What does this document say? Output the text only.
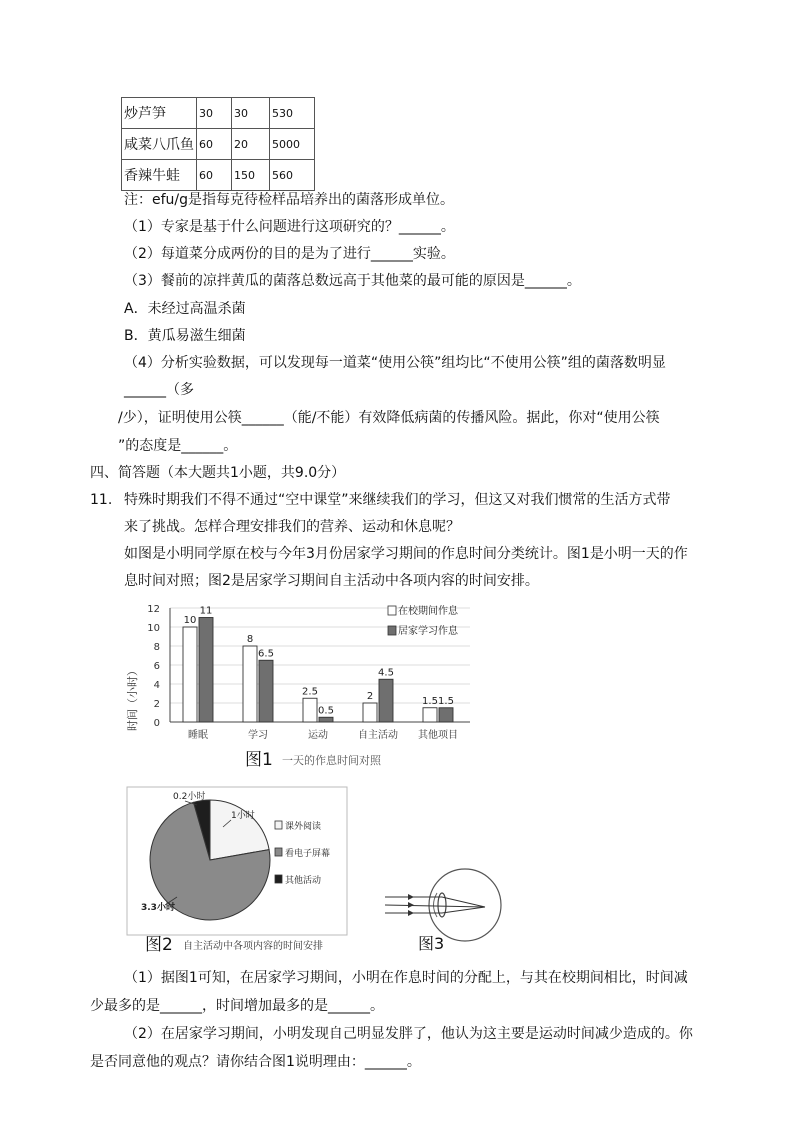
炒芦笋	30	30	530
咸菜八爪鱼	60	20	5000
香辣牛蛙	60	150	560
注：efu/g是指每克待检样品培养出的菌落形成单位。
（1）专家是基于什么问题进行这项研究的？______。
（2）每道菜分成两份的目的是为了进行______实验。
（3）餐前的凉拌黄瓜的菌落总数远高于其他菜的最可能的原因是______。
A．未经过高温杀菌
B．黄瓜易滋生细菌
（4）分析实验数据，可以发现每一道菜“使用公筷”组均比“不使用公筷”组的菌落数明显
______（多
/少），证明使用公筷______（能/不能）有效降低病菌的传播风险。据此，你对“使用公筷
”的态度是______。
四、简答题（本大题共1小题，共9.0分）
11. 特殊时期我们不得不通过“空中课堂”来继续我们的学习，但这又对我们惯常的生活方式带
来了挑战。怎样合理安排我们的营养、运动和休息呢？
如图是小明同学原在校与今年3月份居家学习期间的作息时间分类统计。图1是小明一天的作
息时间对照；图2是居家学习期间自主活动中各项内容的时间安排。
0
2
4
6
8
10
12
10
11
睡眠
8
6.5
学习
2.5
0.5
运动
2
4.5
自主活动
1.5 1.5
其他项目
时间（小时）
在校期间作息
居家学习作息
图1 一天的作息时间对照
课外阅读
看电子屏幕
其他活动
0.2小时
1小时
3.3小时
图2 自主活动中各项内容的时间安排	图3
（1）据图1可知，在居家学习期间，小明在作息时间的分配上，与其在校期间相比，时间减
少最多的是______，时间增加最多的是______。
（2）在居家学习期间，小明发现自己明显发胖了，他认为这主要是运动时间减少造成的。你
是否同意他的观点？请你结合图1说明理由：______。
